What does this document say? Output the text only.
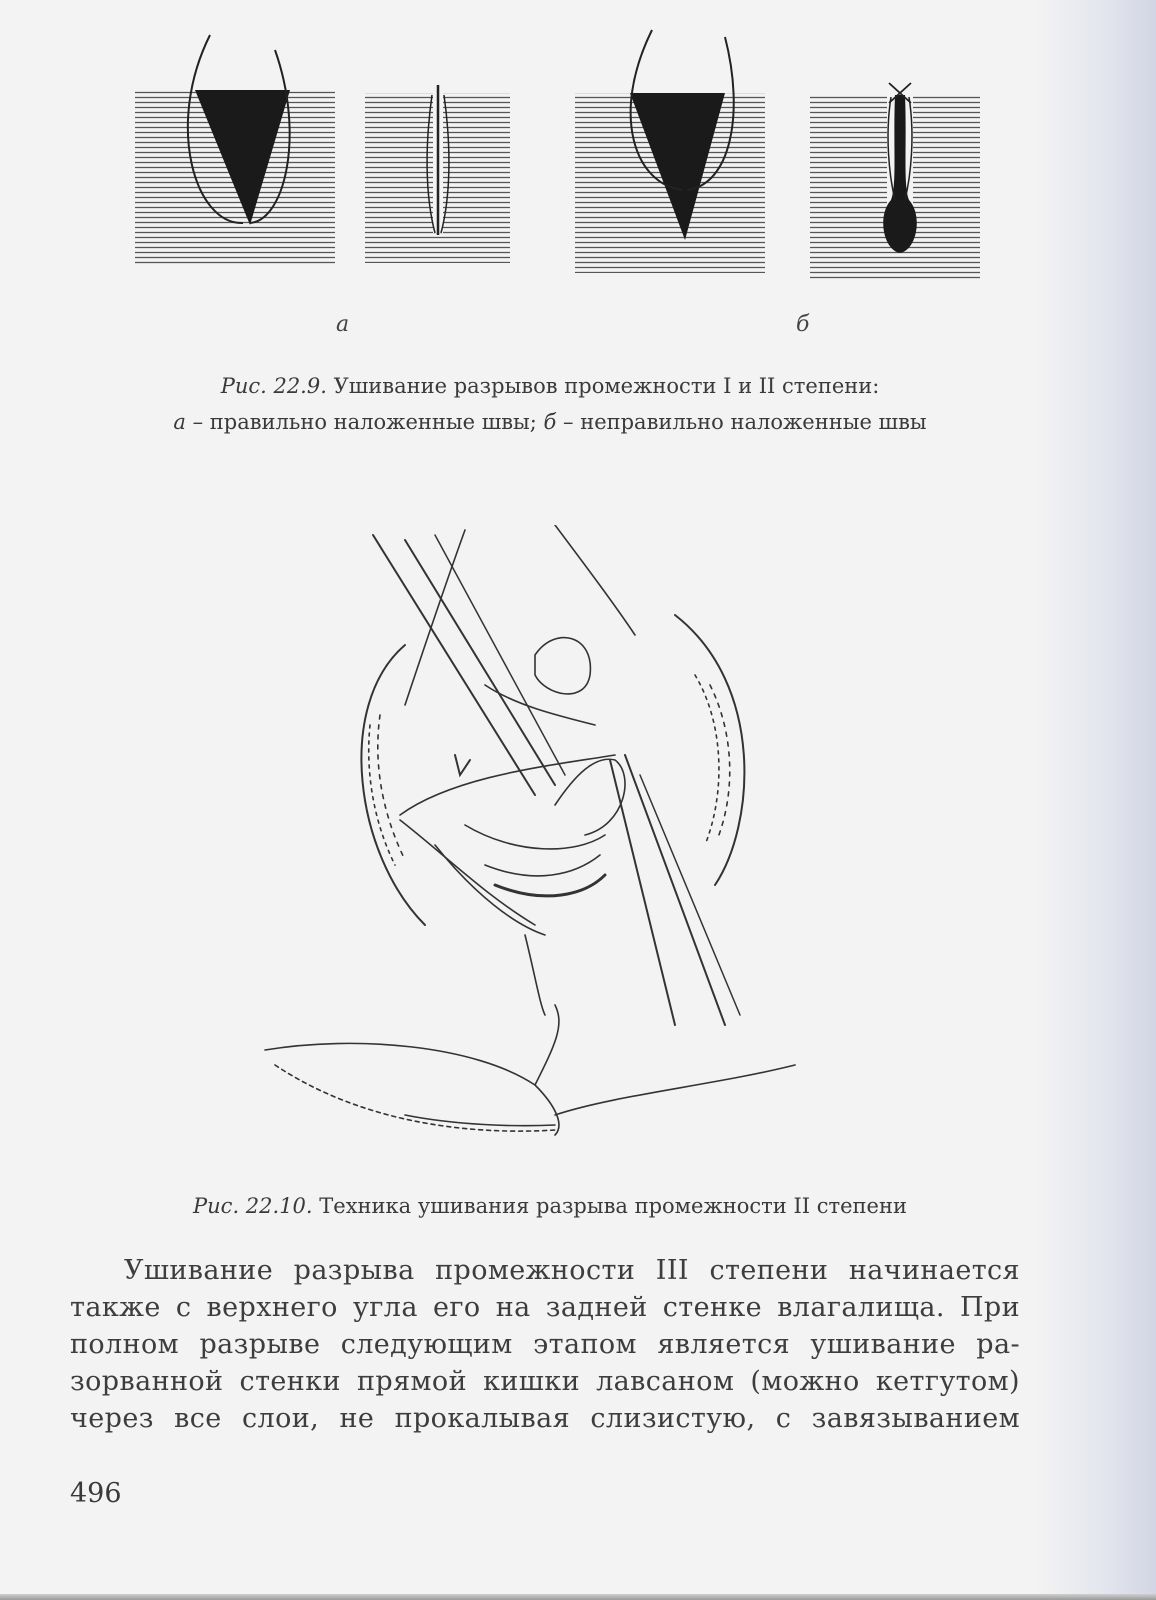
а	б
Рис. 22.9. Ушивание разрывов промежности I и II степени:
а – правильно наложенные швы; б – неправильно наложенные швы
Рис. 22.10. Техника ушивания разрыва промежности II степени
Ушивание разрыва промежности III степени начинается
также с верхнего угла его на задней стенке влагалища. При
полном разрыве следующим этапом является ушивание ра-
зорванной стенки прямой кишки лавсаном (можно кетгутом)
через все слои, не прокалывая слизистую, с завязыванием
496
